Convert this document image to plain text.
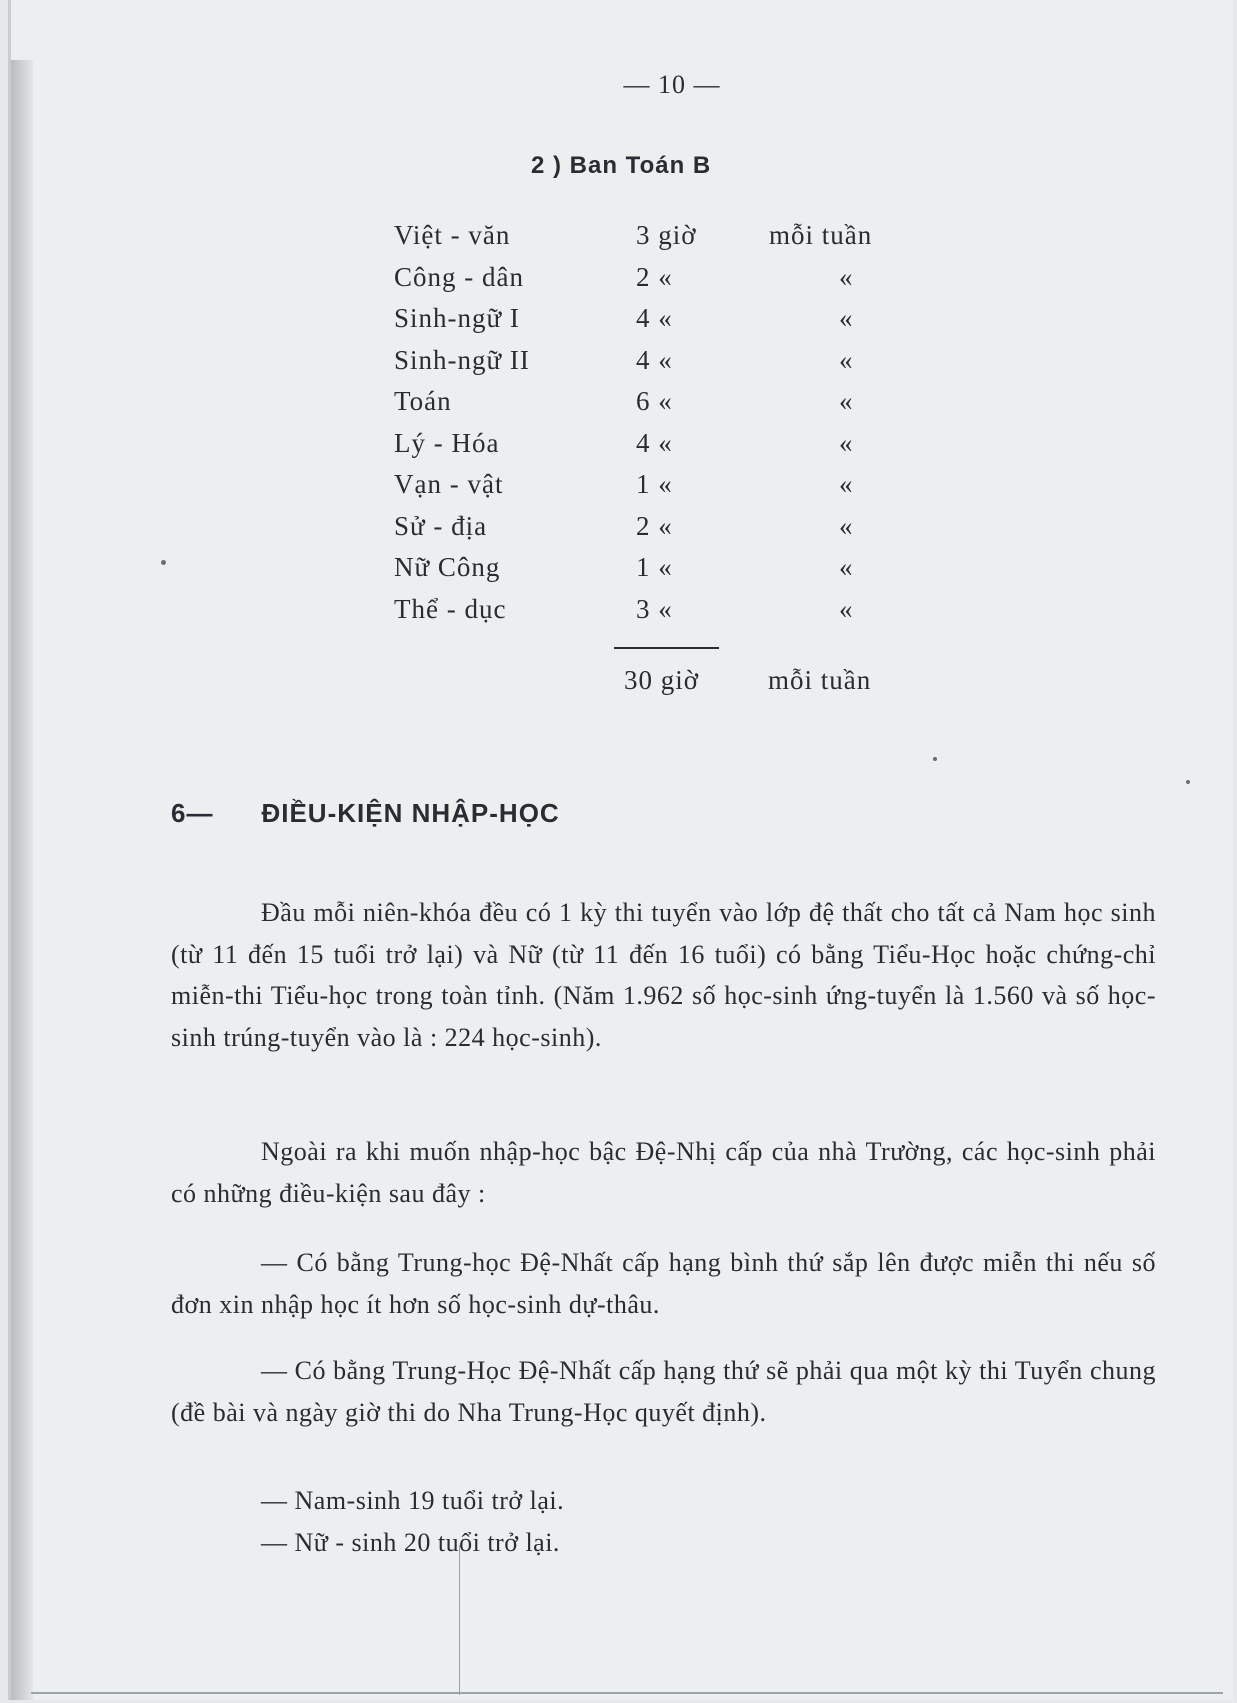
— 10 —
2 ) Ban Toán B
Việt - văn	3 giờ	mỗi tuần
Công - dân	2 «	«
Sinh-ngữ I	4 «	«
Sinh-ngữ II	4 «	«
Toán	6 «	«
Lý - Hóa	4 «	«
Vạn - vật	1 «	«
Sử - địa	2 «	«
Nữ Công	1 «	«
Thể - dục	3 «	«
30 giờ	mỗi tuần
6— ĐIỀU-KIỆN NHẬP-HỌC

Đầu mỗi niên-khóa đều có 1 kỳ thi tuyển vào lớp đệ thất cho tất cả Nam học sinh (từ 11 đến 15 tuổi trở lại) và Nữ (từ 11 đến 16 tuổi) có bằng Tiểu-Học hoặc chứng-chỉ miễn-thi Tiểu-học trong toàn tỉnh. (Năm 1.962 số học-sinh ứng-tuyển là 1.560 và số học-sinh trúng-tuyển vào là : 224 học-sinh).

Ngoài ra khi muốn nhập-học bậc Đệ-Nhị cấp của nhà Trường, các học-sinh phải có những điều-kiện sau đây :

— Có bằng Trung-học Đệ-Nhất cấp hạng bình thứ sắp lên được miễn thi nếu số đơn xin nhập học ít hơn số học-sinh dự-thâu.

— Có bằng Trung-Học Đệ-Nhất cấp hạng thứ sẽ phải qua một kỳ thi Tuyển chung (đề bài và ngày giờ thi do Nha Trung-Học quyết định).

— Nam-sinh 19 tuổi trở lại.
— Nữ - sinh 20 tuổi trở lại.
